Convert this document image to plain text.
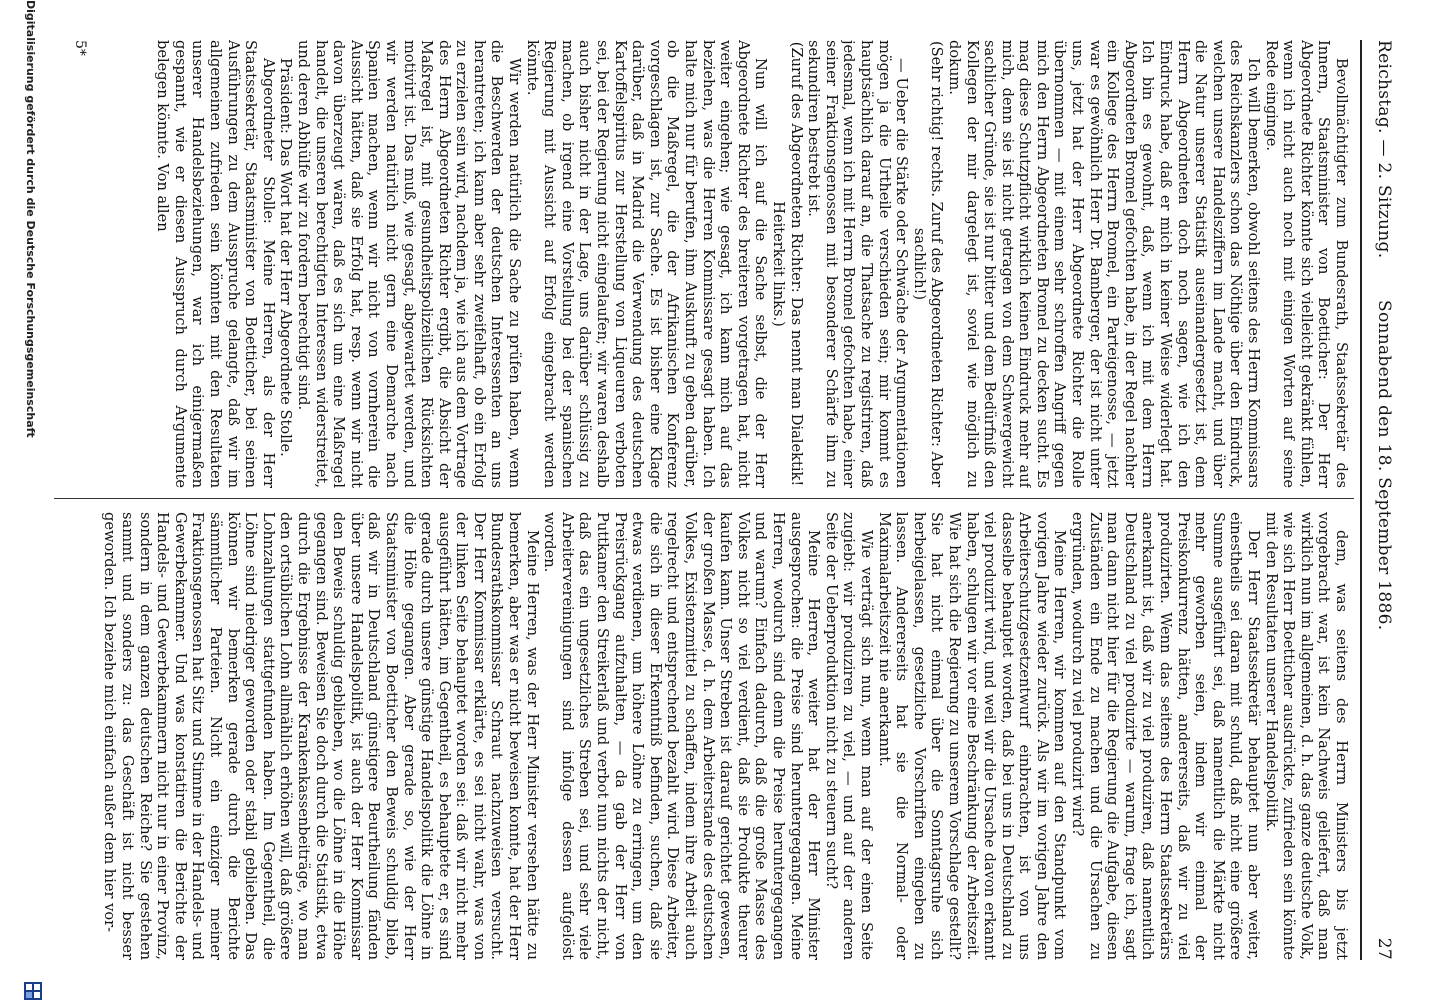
Reichstag. — 2. Sitzung.
Sonnabend den 18. September 1886.
27

Bevollmächtigter zum Bundesrath, Staatssekretär des Innern, Staatsminister von Boetticher: Der Herr Abgeordnete Richter könnte sich vielleicht gekränkt fühlen, wenn ich nicht auch noch mit einigen Worten auf seine Rede einginge.

Ich will bemerken, obwohl seitens des Herrn Kommissars des Reichskanzlers schon das Nöthige über den Eindruck, welchen unsere Handelsziffern im Lande macht, und über die Natur unserer Statistik auseinandergesetzt ist, dem Herrn Abgeordneten doch noch sagen, wie ich den Eindruck habe, daß er mich in keiner Weise widerlegt hat. Ich bin es gewohnt, daß, wenn ich mit dem Herrn Abgeordneten Bromel gefochten habe, in der Regel nachher ein Kollege des Herrn Bromel, ein Parteigenosse, — jetzt war es gewöhnlich Herr Dr. Bamberger, der ist nicht unter uns, jetzt hat der Herr Abgeordnete Richter die Rolle übernommen — mit einem sehr schroffen Angriff gegen mich den Herrn Abgeordneten Bromel zu decken sucht. Es mag diese Schutzpflicht wirklich keinen Eindruck mehr auf mich, denn sie ist nicht getragen von dem Schwergewicht sachlicher Gründe, sie ist nur bitter und dem Bedürfniß den Kollegen der mir dargelegt ist, soviel wie möglich zu dokum.

(Sehr richtig! rechts. Zuruf des Abgeordneten Richter: Aber sachlich!)

— Ueber die Stärke oder Schwäche der Argumentationen mögen ja die Urtheile verschieden sein; mir kommt es hauptsächlich darauf an, die Thatsache zu registriren, daß jedesmal, wenn ich mit Herrn Bromel gefochten habe, einer seiner Fraktionsgenossen mit besonderer Schärfe ihm zu sekundiren bestrebt ist.

(Zuruf des Abgeordneten Richter: Das nennt man Dialektik! Heiterkeit links.)

Nun will ich auf die Sache selbst, die der Herr Abgeordnete Richter des breiteren vorgetragen hat, nicht weiter eingehen; wie gesagt, ich kann mich auf das beziehen, was die Herren Kommissare gesagt haben. Ich halte mich nur für berufen, ihm Auskunft zu geben darüber, ob die Maßregel, die der Afrikanischen Konferenz vorgeschlagen ist, zur Sache. Es ist bisher eine Klage darüber, daß in Madrid die Verwendung des deutschen Kartoffelspiritus zur Herstellung von Liqueuren verboten sei, bei der Regierung nicht eingelaufen; wir waren deshalb auch bisher nicht in der Lage, uns darüber schlüssig zu machen, ob irgend eine Vorstellung bei der spanischen Regierung mit Aussicht auf Erfolg eingebracht werden könnte.

Wir werden natürlich die Sache zu prüfen haben, wenn die Beschwerden der deutschen Interessenten an uns herantreten; ich kann aber sehr zweifelhaft, ob ein Erfolg zu erzielen sein wird, nachdem ja, wie ich aus dem Vortrage des Herrn Abgeordneten Richter ergibt, die Absicht der Maßregel ist, mit gesundheitspolizeilichen Rücksichten motivirt ist. Das muß, wie gesagt, abgewartet werden, und wir werden natürlich nicht gern eine Demarche nach Spanien machen, wenn wir nicht von vornherein die Aussicht hätten, daß sie Erfolg hat, resp. wenn wir nicht davon überzeugt wären, daß es sich um eine Maßregel handelt, die unseren berechtigten Interessen widerstreitet, und deren Abhülfe wir zu fordern berechtigt sind.

Präsident: Das Wort hat der Herr Abgeordnete Stolle.

Abgeordneter Stolle: Meine Herren, als der Herr Staatssekretär, Staatsminister von Boetticher, bei seinen Ausführungen zu dem Ausspruche gelangte, daß wir im allgemeinen zufrieden sein könnten mit den Resultaten unserer Handelsbeziehungen, war ich einigermaßen gespannt, wie er diesen Ausspruch durch Argumente belegen könnte. Von allen

dem, was seitens des Herrn Ministers bis jetzt vorgebracht war, ist kein Nachweis geliefert, daß man wirklich nun im allgemeinen, d. h. das ganze deutsche Volk, wie sich Herr Boetticher ausdrückte, zufrieden sein könnte mit den Resultaten unserer Handelspolitik.

Der Herr Staatssekretär behauptet nun aber weiter, einestheils sei daran mit schuld, daß nicht eine größere Summe ausgeführt sei, daß namentlich die Märkte nicht mehr geworben seien, indem wir einmal der Preiskonkurrenz hätten, andererseits, daß wir zu viel produzirten. Wenn das seitens des Herrn Staatssekretärs anerkannt ist, daß wir zu viel produziren, daß namentlich Deutschland zu viel produzirte — warum, frage ich, sagt man dann nicht hier für die Regierung die Aufgabe, diesen Zuständen ein Ende zu machen und die Ursachen zu ergründen, wodurch zu viel produzirt wird?

Meine Herren, wir kommen auf den Standpunkt vom vorigen Jahre wieder zurück. Als wir im vorigen Jahre den Arbeiterschutzgesetzentwurf einbrachten, ist von uns dasselbe behauptet worden, daß bei uns in Deutschland zu viel produzirt wird, und weil wir die Ursache davon erkannt haben, schlugen wir vor eine Beschränkung der Arbeitszeit. Wie hat sich die Regierung zu unserem Vorschlage gestellt? Sie hat nicht einmal über die Sonntagsruhe sich herbeigelassen, gesetzliche Vorschriften eingeben zu lassen. Andererseits hat sie die Normal- oder Maximalarbeitszeit nie anerkannt.

Wie verträgt sich nun, wenn man auf der einen Seite zugiebt: wir produziren zu viel, — und auf der anderen Seite der Ueberproduktion nicht zu steuern sucht?

Meine Herren, weiter hat der Herr Minister ausgesprochen: die Preise sind heruntergegangen. Meine Herren, wodurch sind denn die Preise heruntergegangen und warum? Einfach dadurch, daß die große Masse des Volkes nicht so viel verdient, daß sie Produkte theurer kaufen kann. Unser Streben ist darauf gerichtet gewesen, der großen Masse, d. h. dem Arbeiterstande des deutschen Volkes, Existenzmittel zu schaffen, indem ihre Arbeit auch regelrecht und entsprechend bezahlt wird. Diese Arbeiter, die sich in dieser Erkenntniß befinden, suchen, daß sie etwas verdienen, um höhere Löhne zu erringen, um den Preisrückgang aufzuhalten, — da gab der Herr von Puttkamer den Streikerlaß und verbot nun nichts der nicht, daß das ein ungesetzliches Streben sei, und sehr viele Arbeitervereinigungen sind infolge dessen aufgelöst worden.

Meine Herren, was der Herr Minister versehen hätte zu bemerken, aber was er nicht beweisen konnte, hat der Herr Bundesrathskommissar Schraut nachzuweisen versucht. Der Herr Kommissar erklärte, es sei nicht wahr, was von der linken Seite behauptet worden sei: daß wir nicht mehr ausgeführt hätten, im Gegentheil, es behauptete er, es sind gerade durch unsere günstige Handelspolitik die Löhne in die Höhe gegangen. Aber gerade so, wie der Herr Staatsminister von Boetticher den Beweis schuldig blieb, daß wir in Deutschland günstigere Beurtheilung fänden über unsere Handelspolitik, ist auch der Herr Kommissar den Beweis schuldig geblieben, wo die Löhne in die Höhe gegangen sind. Beweisen Sie doch durch die Statistik, etwa durch die Ergebnisse der Krankenkassenbeiträge, wo man den ortsüblichen Lohn allmählich erhöhen will, daß größere Lohnzahlungen stattgefunden haben. Im Gegentheil, die Löhne sind niedriger geworden oder stabil geblieben. Das können wir bemerken gerade durch die Berichte sämmtlicher Parteien. Nicht ein einziger meiner Fraktionsgenossen hat Sitz und Stimme in der Handels- und Gewerbekammer. Und was konstatiren die Berichte der Handels- und Gewerbekammern nicht nur in einer Provinz, sondern in dem ganzen deutschen Reiche? Sie gestehen sammt und sonders zu: das Geschäft ist nicht besser geworden. Ich beziehe mich einfach außer dem hier vor-

5*
Digitalisierung gefördert durch die Deutsche Forschungsgemeinschaft
